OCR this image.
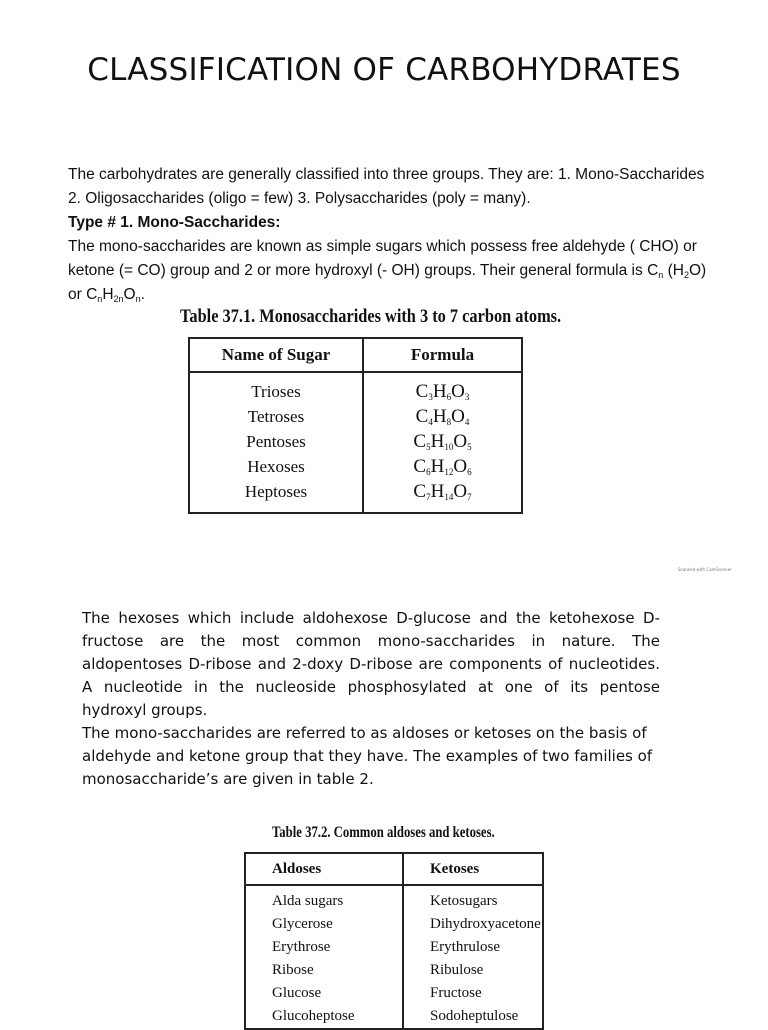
CLASSIFICATION OF CARBOHYDRATES

The carbohydrates are generally classified into three groups. They are: 1. Mono-Saccharides 2. Oligosaccharides (oligo = few) 3. Polysaccharides (poly = many).

Type # 1. Mono-Saccharides:

The mono-saccharides are known as simple sugars which possess free aldehyde ( CHO) or ketone (= CO) group and 2 or more hydroxyl (- OH) groups. Their general formula is $C_n$ $(H_2O)$ or $C_nH_{2n}O_n$.

Table 37.1. Monosaccharides with 3 to 7 carbon atoms.
Name of Sugar	Formula
Trioses	$C_3H_6O_3$
Tetroses	$C_4H_8O_4$
Pentoses	$C_5H_{10}O_5$
Hexoses	$C_6H_{12}O_6$
Heptoses	$C_7H_{14}O_7$
Scanned with CamScanner

The hexoses which include aldohexose D-glucose and the ketohexose D-fructose are the most common mono-saccharides in nature. The aldopentoses D-ribose and 2-doxy D-ribose are components of nucleotides. A nucleotide in the nucleoside phosphosylated at one of its pentose hydroxyl groups.

The mono-saccharides are referred to as aldoses or ketoses on the basis of aldehyde and ketone group that they have. The examples of two families of monosaccharide’s are given in table 2.

Table 37.2. Common aldoses and ketoses.
Aldoses	Ketoses
Alda sugars	Ketosugars
Glycerose	Dihydroxyacetone
Erythrose	Erythrulose
Ribose	Ribulose
Glucose	Fructose
Glucoheptose	Sodoheptulose
